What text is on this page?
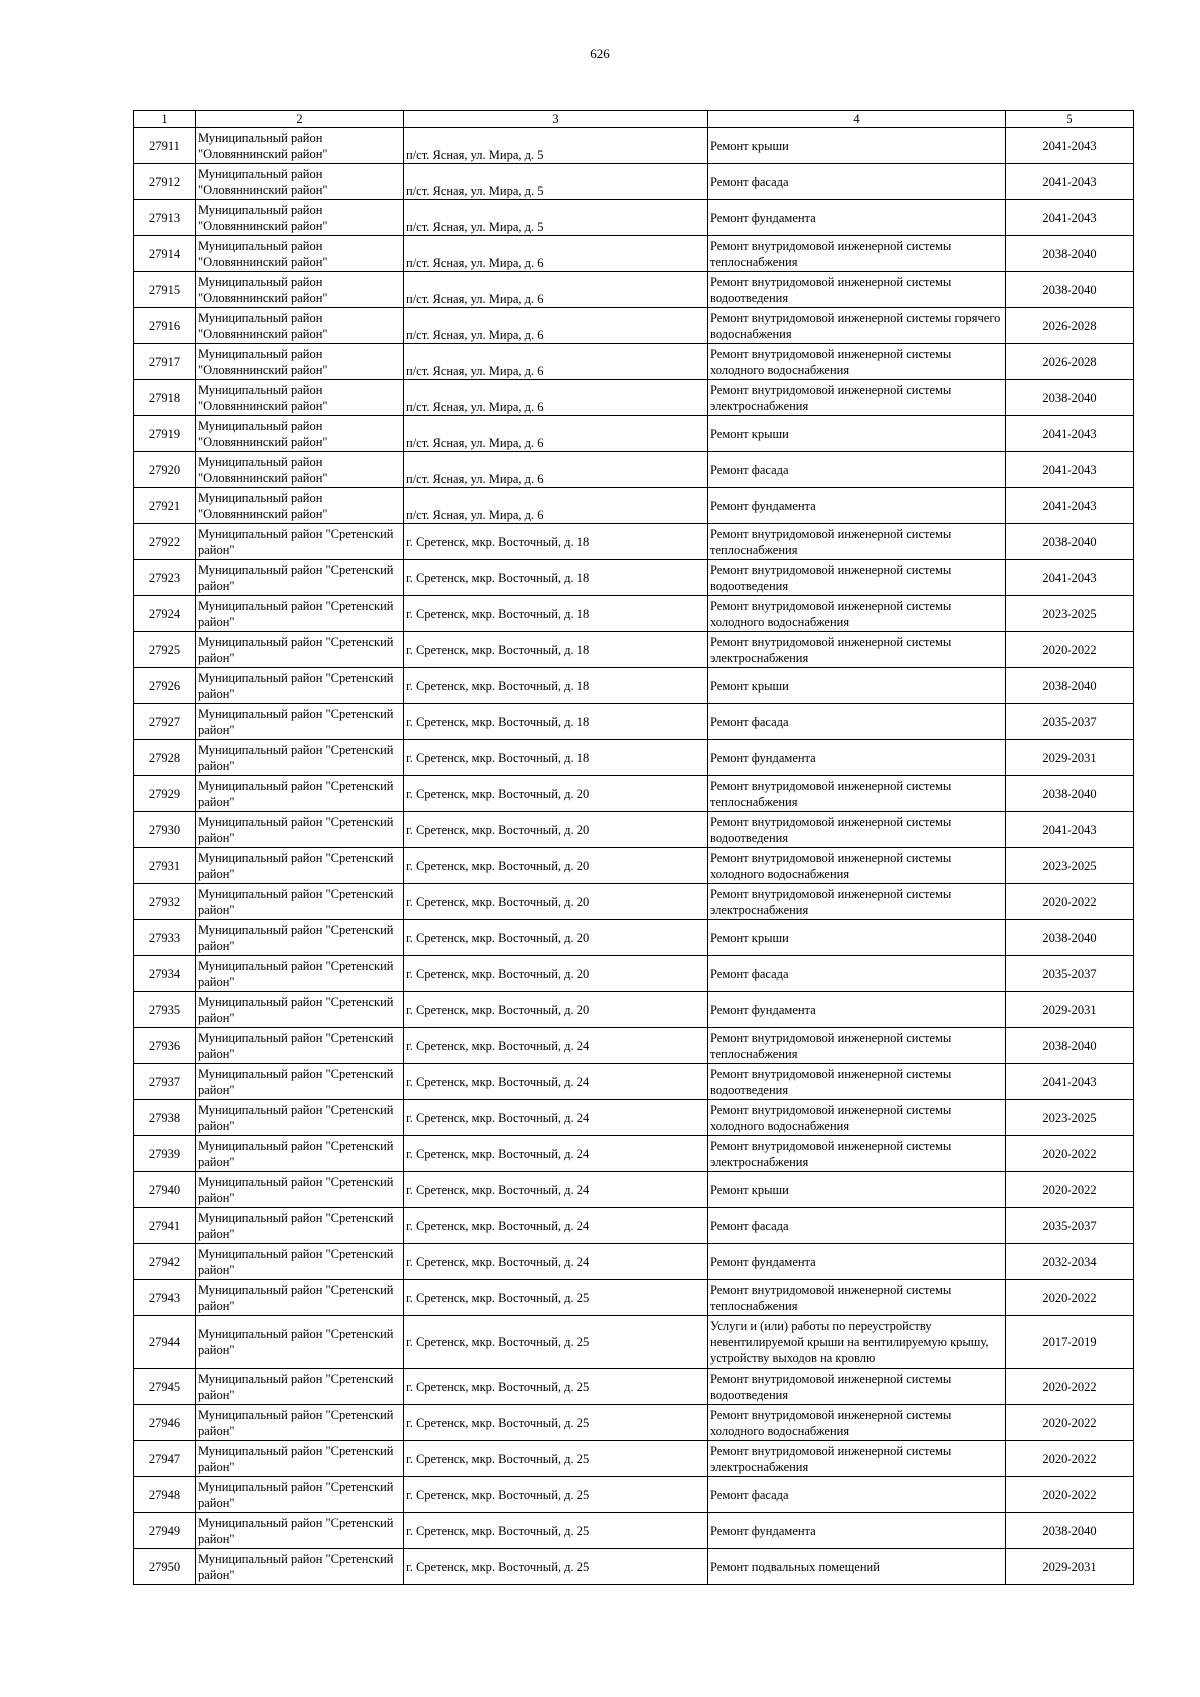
626
1	2	3	4	5
27911	Муниципальный район "Оловяннинский район"	п/ст. Ясная, ул. Мира, д. 5	Ремонт крыши	2041-2043
27912	Муниципальный район "Оловяннинский район"	п/ст. Ясная, ул. Мира, д. 5	Ремонт фасада	2041-2043
27913	Муниципальный район "Оловяннинский район"	п/ст. Ясная, ул. Мира, д. 5	Ремонт фундамента	2041-2043
27914	Муниципальный район "Оловяннинский район"	п/ст. Ясная, ул. Мира, д. 6	Ремонт внутридомовой инженерной системы теплоснабжения	2038-2040
27915	Муниципальный район "Оловяннинский район"	п/ст. Ясная, ул. Мира, д. 6	Ремонт внутридомовой инженерной системы водоотведения	2038-2040
27916	Муниципальный район "Оловяннинский район"	п/ст. Ясная, ул. Мира, д. 6	Ремонт внутридомовой инженерной системы горячего водоснабжения	2026-2028
27917	Муниципальный район "Оловяннинский район"	п/ст. Ясная, ул. Мира, д. 6	Ремонт внутридомовой инженерной системы холодного водоснабжения	2026-2028
27918	Муниципальный район "Оловяннинский район"	п/ст. Ясная, ул. Мира, д. 6	Ремонт внутридомовой инженерной системы электроснабжения	2038-2040
27919	Муниципальный район "Оловяннинский район"	п/ст. Ясная, ул. Мира, д. 6	Ремонт крыши	2041-2043
27920	Муниципальный район "Оловяннинский район"	п/ст. Ясная, ул. Мира, д. 6	Ремонт фасада	2041-2043
27921	Муниципальный район "Оловяннинский район"	п/ст. Ясная, ул. Мира, д. 6	Ремонт фундамента	2041-2043
27922	Муниципальный район "Сретенский район"	г. Сретенск, мкр. Восточный, д. 18	Ремонт внутридомовой инженерной системы теплоснабжения	2038-2040
27923	Муниципальный район "Сретенский район"	г. Сретенск, мкр. Восточный, д. 18	Ремонт внутридомовой инженерной системы водоотведения	2041-2043
27924	Муниципальный район "Сретенский район"	г. Сретенск, мкр. Восточный, д. 18	Ремонт внутридомовой инженерной системы холодного водоснабжения	2023-2025
27925	Муниципальный район "Сретенский район"	г. Сретенск, мкр. Восточный, д. 18	Ремонт внутридомовой инженерной системы электроснабжения	2020-2022
27926	Муниципальный район "Сретенский район"	г. Сретенск, мкр. Восточный, д. 18	Ремонт крыши	2038-2040
27927	Муниципальный район "Сретенский район"	г. Сретенск, мкр. Восточный, д. 18	Ремонт фасада	2035-2037
27928	Муниципальный район "Сретенский район"	г. Сретенск, мкр. Восточный, д. 18	Ремонт фундамента	2029-2031
27929	Муниципальный район "Сретенский район"	г. Сретенск, мкр. Восточный, д. 20	Ремонт внутридомовой инженерной системы теплоснабжения	2038-2040
27930	Муниципальный район "Сретенский район"	г. Сретенск, мкр. Восточный, д. 20	Ремонт внутридомовой инженерной системы водоотведения	2041-2043
27931	Муниципальный район "Сретенский район"	г. Сретенск, мкр. Восточный, д. 20	Ремонт внутридомовой инженерной системы холодного водоснабжения	2023-2025
27932	Муниципальный район "Сретенский район"	г. Сретенск, мкр. Восточный, д. 20	Ремонт внутридомовой инженерной системы электроснабжения	2020-2022
27933	Муниципальный район "Сретенский район"	г. Сретенск, мкр. Восточный, д. 20	Ремонт крыши	2038-2040
27934	Муниципальный район "Сретенский район"	г. Сретенск, мкр. Восточный, д. 20	Ремонт фасада	2035-2037
27935	Муниципальный район "Сретенский район"	г. Сретенск, мкр. Восточный, д. 20	Ремонт фундамента	2029-2031
27936	Муниципальный район "Сретенский район"	г. Сретенск, мкр. Восточный, д. 24	Ремонт внутридомовой инженерной системы теплоснабжения	2038-2040
27937	Муниципальный район "Сретенский район"	г. Сретенск, мкр. Восточный, д. 24	Ремонт внутридомовой инженерной системы водоотведения	2041-2043
27938	Муниципальный район "Сретенский район"	г. Сретенск, мкр. Восточный, д. 24	Ремонт внутридомовой инженерной системы холодного водоснабжения	2023-2025
27939	Муниципальный район "Сретенский район"	г. Сретенск, мкр. Восточный, д. 24	Ремонт внутридомовой инженерной системы электроснабжения	2020-2022
27940	Муниципальный район "Сретенский район"	г. Сретенск, мкр. Восточный, д. 24	Ремонт крыши	2020-2022
27941	Муниципальный район "Сретенский район"	г. Сретенск, мкр. Восточный, д. 24	Ремонт фасада	2035-2037
27942	Муниципальный район "Сретенский район"	г. Сретенск, мкр. Восточный, д. 24	Ремонт фундамента	2032-2034
27943	Муниципальный район "Сретенский район"	г. Сретенск, мкр. Восточный, д. 25	Ремонт внутридомовой инженерной системы теплоснабжения	2020-2022
27944	Муниципальный район "Сретенский район"	г. Сретенск, мкр. Восточный, д. 25	Услуги и (или) работы по переустройству невентилируемой крыши на вентилируемую крышу, устройству выходов на кровлю	2017-2019
27945	Муниципальный район "Сретенский район"	г. Сретенск, мкр. Восточный, д. 25	Ремонт внутридомовой инженерной системы водоотведения	2020-2022
27946	Муниципальный район "Сретенский район"	г. Сретенск, мкр. Восточный, д. 25	Ремонт внутридомовой инженерной системы холодного водоснабжения	2020-2022
27947	Муниципальный район "Сретенский район"	г. Сретенск, мкр. Восточный, д. 25	Ремонт внутридомовой инженерной системы электроснабжения	2020-2022
27948	Муниципальный район "Сретенский район"	г. Сретенск, мкр. Восточный, д. 25	Ремонт фасада	2020-2022
27949	Муниципальный район "Сретенский район"	г. Сретенск, мкр. Восточный, д. 25	Ремонт фундамента	2038-2040
27950	Муниципальный район "Сретенский район"	г. Сретенск, мкр. Восточный, д. 25	Ремонт подвальных помещений	2029-2031
